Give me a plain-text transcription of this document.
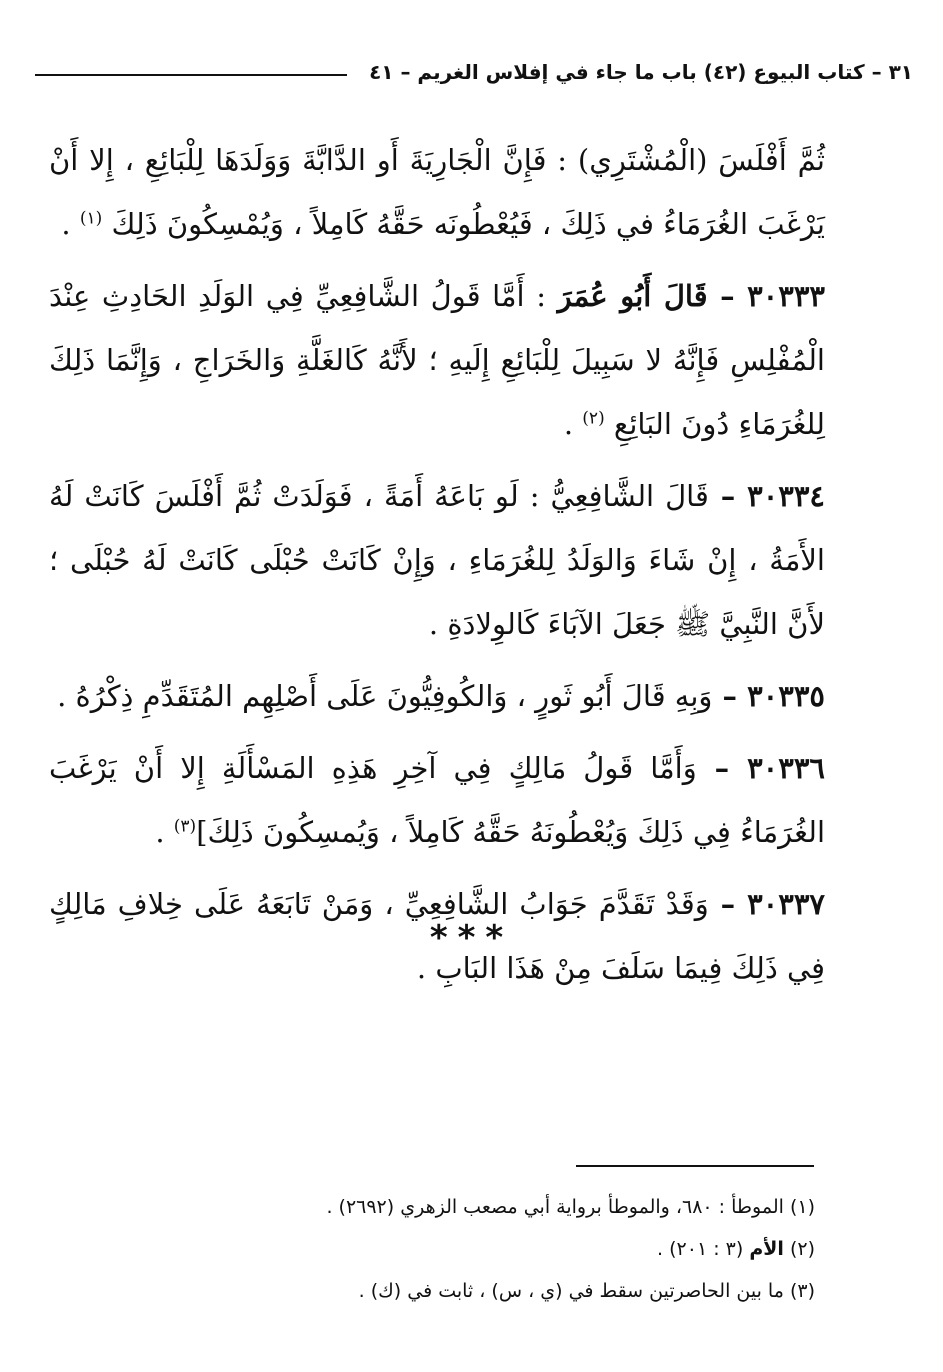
٣١ – كتاب البيوع (٤٢) باب ما جاء في إفلاس الغريم – ٤١

ثُمَّ أَفْلَسَ (الْمُشْتَرِي) : فَإِنَّ الْجَارِيَةَ أَو الدَّابَّةَ وَوَلَدَهَا لِلْبَائِعِ ، إِلا أَنْ يَرْغَبَ الغُرَمَاءُ في ذَلِكَ ، فَيُعْطُونَه حَقَّهُ كَامِلاً ، وَيُمْسِكُونَ ذَلِكَ $^{(١)}$ .

٣٠٣٣٣ – قَالَ أَبُو عُمَرَ : أَمَّا قَولُ الشَّافِعِيِّ فِي الوَلَدِ الحَادِثِ عِنْدَ الْمُفْلِسِ فَإِنَّهُ لا سَبِيلَ لِلْبَائِعِ إِلَيهِ ؛ لأَنَّهُ كَالغَلَّةِ وَالخَرَاجِ ، وَإِنَّمَا ذَلِكَ لِلغُرَمَاءِ دُونَ البَائِعِ $^{(٢)}$ .

٣٠٣٣٤ – قَالَ الشَّافِعِيُّ : لَو بَاعَهُ أَمَةً ، فَوَلَدَتْ ثُمَّ أَفْلَسَ كَانَتْ لَهُ الأَمَةُ ، إِنْ شَاءَ وَالوَلَدُ لِلغُرَمَاءِ ، وَإِنْ كَانَتْ حُبْلَى كَانَتْ لَهُ حُبْلَى ؛ لأَنَّ النَّبِيَّ ﷺ جَعَلَ الآبَاءَ كَالوِلادَةِ .

٣٠٣٣٥ – وَبِهِ قَالَ أَبُو ثَورٍ ، وَالكُوفِيُّونَ عَلَى أَصْلِهِم المُتَقَدِّمِ ذِكْرُهُ .

٣٠٣٣٦ – وَأَمَّا قَولُ مَالِكٍ فِي آخِرِ هَذِهِ المَسْأَلَةِ إِلا أَنْ يَرْغَبَ الغُرَمَاءُ فِي ذَلِكَ وَيُعْطُونَهُ حَقَّهُ كَامِلاً ، وَيُمسِكُونَ ذَلِكَ]$^{(٣)}$ .

٣٠٣٣٧ – وَقَدْ تَقَدَّمَ جَوَابُ الشَّافِعِيِّ ، وَمَنْ تَابَعَهُ عَلَى خِلافِ مَالِكٍ فِي ذَلِكَ فِيمَا سَلَفَ مِنْ هَذَا البَابِ .

***
(١) الموطأ : ٦٨٠، والموطأ برواية أبي مصعب الزهري (٢٦٩٢) .
(٢) الأم (٣ : ٢٠١) .
(٣) ما بين الحاصرتين سقط في (ي ، س) ، ثابت في (ك) .
